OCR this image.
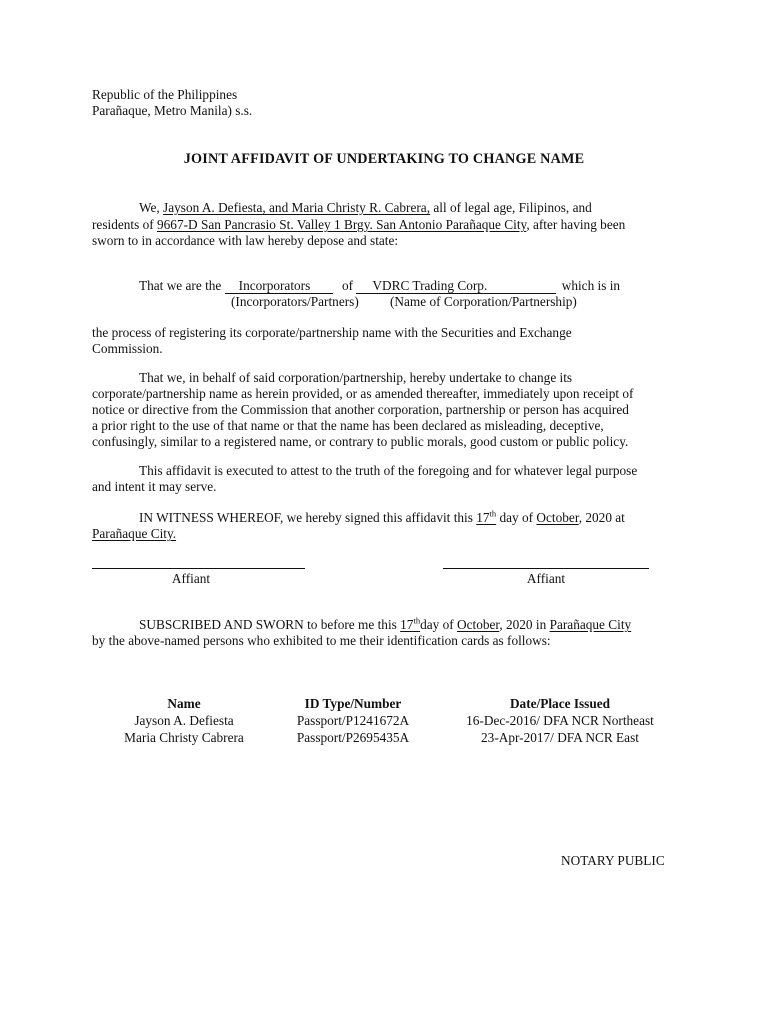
Republic of the Philippines
Parañaque, Metro Manila) s.s.
JOINT AFFIDAVIT OF UNDERTAKING TO CHANGE NAME
We, Jayson A. Defiesta, and Maria Christy R. Cabrera, all of legal age, Filipinos, and
residents of 9667-D San Pancrasio St. Valley 1 Brgy. San Antonio Parañaque City, after having been
sworn to in accordance with law hereby depose and state:
That we are the Incorporators of VDRC Trading Corp.	which is in
(Incorporators/Partners) (Name of Corporation/Partnership)
the process of registering its corporate/partnership name with the Securities and Exchange
Commission.
That we, in behalf of said corporation/partnership, hereby undertake to change its
corporate/partnership name as herein provided, or as amended thereafter, immediately upon receipt of
notice or directive from the Commission that another corporation, partnership or person has acquired
a prior right to the use of that name or that the name has been declared as misleading, deceptive,
confusingly, similar to a registered name, or contrary to public morals, good custom or public policy.
This affidavit is executed to attest to the truth of the foregoing and for whatever legal purpose
and intent it may serve.
IN WITNESS WHEREOF, we hereby signed this affidavit this 17th day of October, 2020 at
Parañaque City.
Affiant	Affiant
SUBSCRIBED AND SWORN to before me this 17thday of October, 2020 in Parañaque City
by the above-named persons who exhibited to me their identification cards as follows:
Name	ID Type/Number	Date/Place Issued
Jayson A. Defiesta	Passport/P1241672A	16-Dec-2016/ DFA NCR Northeast
Maria Christy Cabrera	Passport/P2695435A	23-Apr-2017/ DFA NCR East
NOTARY PUBLIC
